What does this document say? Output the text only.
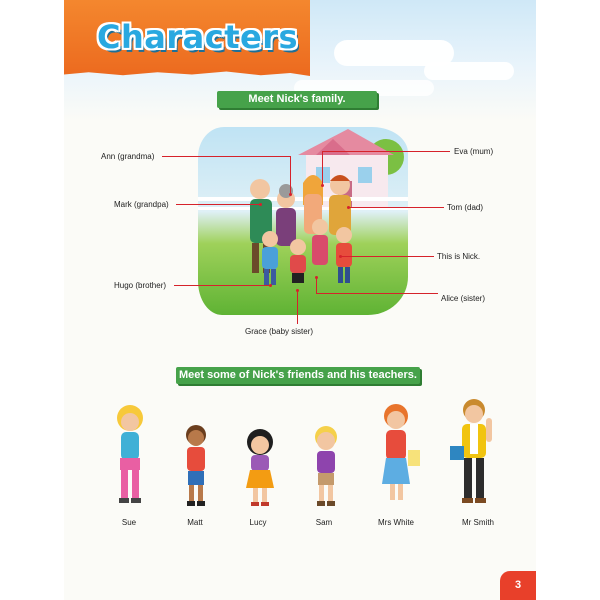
Characters
Meet Nick's family.
Ann (grandma)
Mark (grandpa)
Hugo (brother)
Grace (baby sister)
Eva (mum)
Tom (dad)
This is Nick.
Alice (sister)
Meet some of Nick's friends and his teachers.
Sue	Matt	Lucy	Sam	Mrs White	Mr Smith
3
